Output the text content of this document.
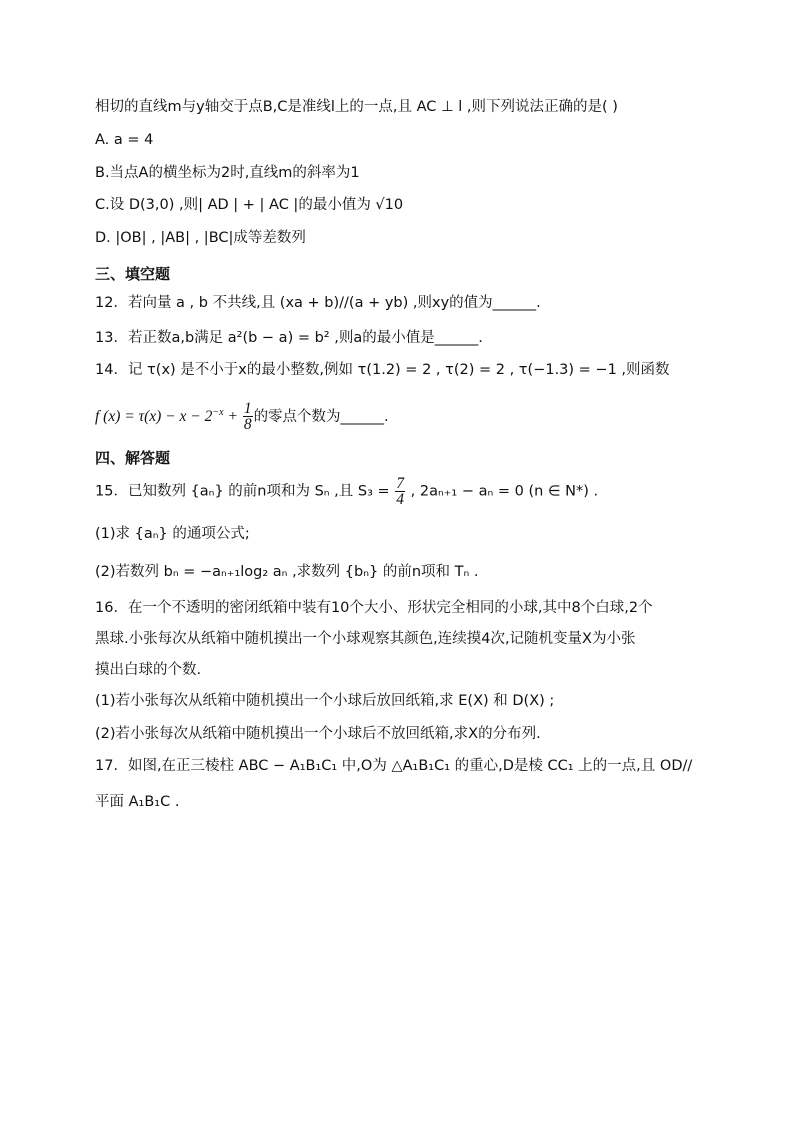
相切的直线m与y轴交于点B,C是准线l上的一点,且 AC ⊥ l ,则下列说法正确的是( )
A. a = 4
B.当点A的横坐标为2时,直线m的斜率为1
C.设 D(3,0) ,则| AD | + | AC |的最小值为 √10
D. |OB| , |AB| , |BC|成等差数列
三、填空题
12．若向量 a , b 不共线,且 (xa + b)//(a + yb) ,则xy的值为______.
13．若正数a,b满足 a²(b − a) = b² ,则a的最小值是______.
14．记 τ(x) 是不小于x的最小整数,例如 τ(1.2) = 2 , τ(2) = 2 , τ(−1.3) = −1 ,则函数
f $(x) = \tau(x) - x - 2^{-x} + \frac{1}{8}$ 的零点个数为______.
四、解答题
15．已知数列 {aₙ} 的前n项和为 Sₙ ,且 $S_3 = \frac{7}{4}$ , 2aₙ₊₁ − aₙ = 0 (n ∈ N*) .
(1)求 {aₙ} 的通项公式;
(2)若数列 bₙ = −aₙ₊₁log₂ aₙ ,求数列 {bₙ} 的前n项和 Tₙ .
16．在一个不透明的密闭纸箱中装有10个大小、形状完全相同的小球,其中8个白球,2个
黑球.小张每次从纸箱中随机摸出一个小球观察其颜色,连续摸4次,记随机变量X为小张
摸出白球的个数.
(1)若小张每次从纸箱中随机摸出一个小球后放回纸箱,求 E(X) 和 D(X) ;
(2)若小张每次从纸箱中随机摸出一个小球后不放回纸箱,求X的分布列.
17．如图,在正三棱柱 ABC − A₁B₁C₁ 中,O为 △A₁B₁C₁ 的重心,D是棱 CC₁ 上的一点,且 OD//
平面 A₁B₁C .
